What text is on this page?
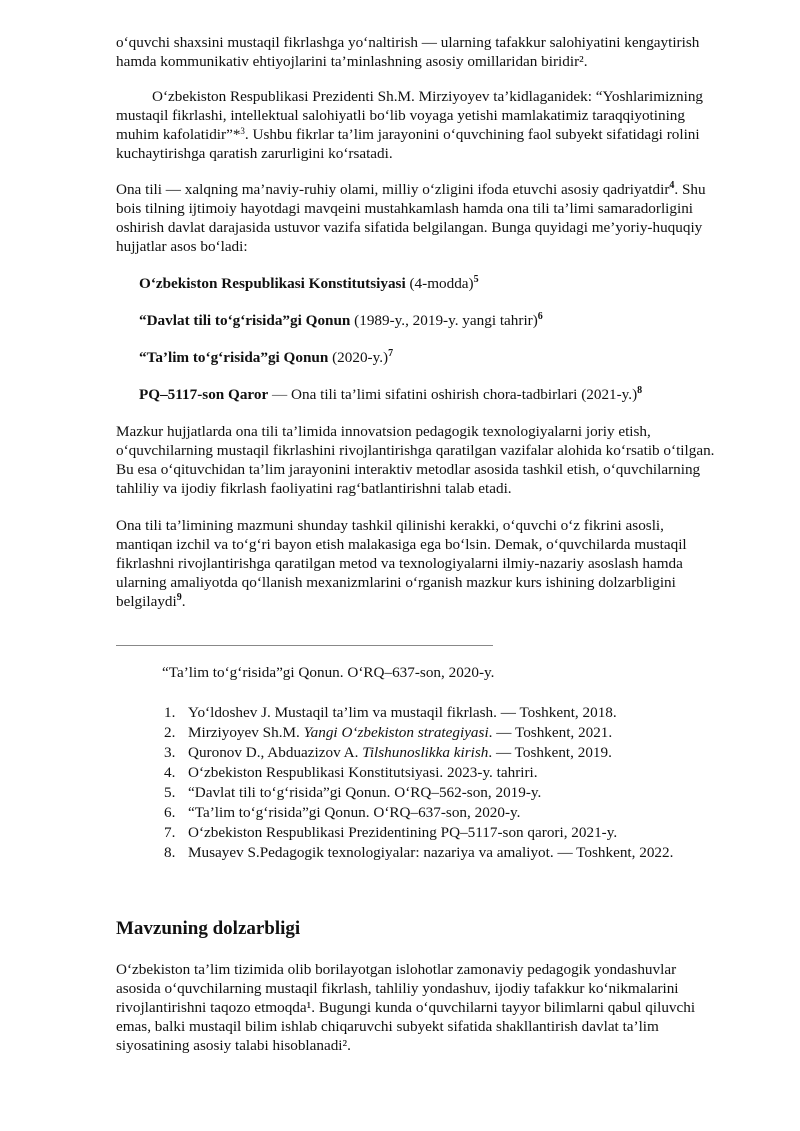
o‘quvchi shaxsini mustaqil fikrlashga yo‘naltirish — ularning tafakkur salohiyatini kengaytirish hamda kommunikativ ehtiyojlarini ta’minlashning asosiy omillaridan biridir².

O‘zbekiston Respublikasi Prezidenti Sh.M. Mirziyoyev ta’kidlaganidek: “Yoshlarimizning mustaqil fikrlashi, intellektual salohiyatli bo‘lib voyaga yetishi mamlakatimiz taraqqiyotining muhim kafolatidir”*$^3$. Ushbu fikrlar ta’lim jarayonini o‘quvchining faol subyekt sifatidagi rolini kuchaytirishga qaratish zarurligini ko‘rsatadi.

Ona tili — xalqning ma’naviy-ruhiy olami, milliy o‘zligini ifoda etuvchi asosiy qadriyatdir$^4$. Shu bois tilning ijtimoiy hayotdagi mavqeini mustahkamlash hamda ona tili ta’limi samaradorligini oshirish davlat darajasida ustuvor vazifa sifatida belgilangan. Bunga quyidagi me’yoriy-huquqiy hujjatlar asos bo‘ladi:

O‘zbekiston Respublikasi Konstitutsiyasi (4-modda)$^5$

“Davlat tili to‘g‘risida”gi Qonun (1989-y., 2019-y. yangi tahrir)$^6$

“Ta’lim to‘g‘risida”gi Qonun $(2020-y.)^7$

PQ–5117-son Qaror — Ona tili ta’limi sifatini oshirish chora-tadbirlari $(2021-y.)^8$

Mazkur hujjatlarda ona tili ta’limida innovatsion pedagogik texnologiyalarni joriy etish, o‘quvchilarning mustaqil fikrlashini rivojlantirishga qaratilgan vazifalar alohida ko‘rsatib o‘tilgan. Bu esa o‘qituvchidan ta’lim jarayonini interaktiv metodlar asosida tashkil etish, o‘quvchilarning tahliliy va ijodiy fikrlash faoliyatini rag‘batlantirishni talab etadi.

Ona tili ta’limining mazmuni shunday tashkil qilinishi kerakki, o‘quvchi o‘z fikrini asosli, mantiqan izchil va to‘g‘ri bayon etish malakasiga ega bo‘lsin. Demak, o‘quvchilarda mustaqil fikrlashni rivojlantirishga qaratilgan metod va texnologiyalarni ilmiy-nazariy asoslash hamda ularning amaliyotda qo‘llanish mexanizmlarini o‘rganish mazkur kurs ishining dolzarbligini belgilaydi$^9$.

“Ta’lim to‘g‘risida”gi Qonun. O‘RQ–637-son, 2020-y.

1. Yo‘ldoshev J. Mustaqil ta’lim va mustaqil fikrlash. — Toshkent, 2018.
2. Mirziyoyev Sh.M. Yangi O‘zbekiston strategiyasi. — Toshkent, 2021.
3. Quronov D., Abduazizov A. Tilshunoslikka kirish. — Toshkent, 2019.
4. O‘zbekiston Respublikasi Konstitutsiyasi. 2023-y. tahriri.
5. “Davlat tili to‘g‘risida”gi Qonun. O‘RQ–562-son, 2019-y.
6. “Ta’lim to‘g‘risida”gi Qonun. O‘RQ–637-son, 2020-y.
7. O‘zbekiston Respublikasi Prezidentining PQ–5117-son qarori, 2021-y.
8. Musayev S.Pedagogik texnologiyalar: nazariya va amaliyot. — Toshkent, 2022.
Mavzuning dolzarbligi

O‘zbekiston ta’lim tizimida olib borilayotgan islohotlar zamonaviy pedagogik yondashuvlar asosida o‘quvchilarning mustaqil fikrlash, tahliliy yondashuv, ijodiy tafakkur ko‘nikmalarini rivojlantirishni taqozo etmoqda¹. Bugungi kunda o‘quvchilarni tayyor bilimlarni qabul qiluvchi emas, balki mustaqil bilim ishlab chiqaruvchi subyekt sifatida shakllantirish davlat ta’lim siyosatining asosiy talabi hisoblanadi².
